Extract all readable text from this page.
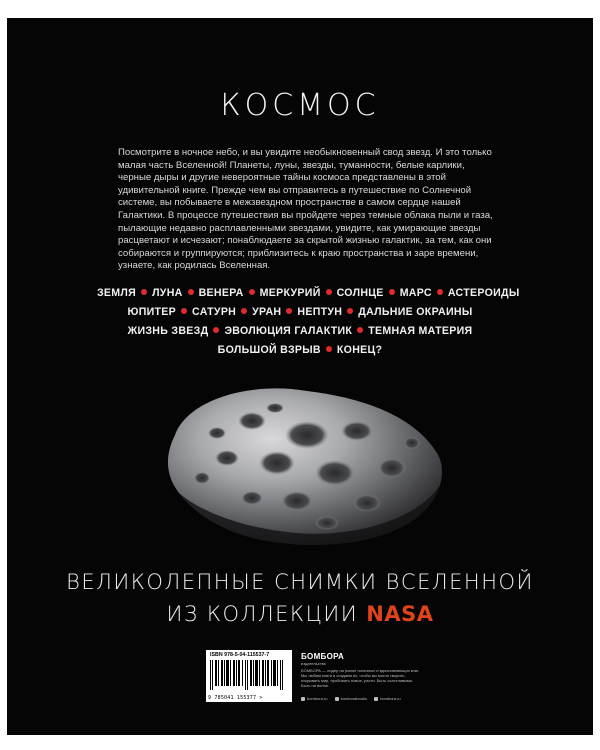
КОСМОС
Посмотрите в ночное небо, и вы увидите необыкновенный свод звезд. И это только малая часть Вселенной! Планеты, луны, звезды, туманности, белые карлики, черные дыры и другие невероятные тайны космоса представлены в этой удивительной книге. Прежде чем вы отправитесь в путешествие по Солнечной системе, вы побываете в межзвездном пространстве в самом сердце нашей Галактики. В процессе путешествия вы пройдете через темные облака пыли и газа, пылающие недавно расплавленными звездами, увидите, как умирающие звезды расцветают и исчезают; понаблюдаете за скрытой жизнью галактик, за тем, как они собираются и группируются; приблизитесь к краю пространства и заре времени, узнаете, как родилась Вселенная.
ЗЕМЛЯ ЛУНА ВЕНЕРА МЕРКУРИЙ СОЛНЦЕ МАРС АСТЕРОИДЫ
ЮПИТЕР САТУРН УРАН НЕПТУН ДАЛЬНИЕ ОКРАИНЫ
ЖИЗНЬ ЗВЕЗД ЭВОЛЮЦИЯ ГАЛАКТИК ТЕМНАЯ МАТЕРИЯ
БОЛЬШОЙ ВЗРЫВ КОНЕЦ?
ВЕЛИКОЛЕПНЫЕ СНИМКИ ВСЕЛЕННОЙ
ИЗ КОЛЛЕКЦИИ NASA
ISBN 978-5-04-115537-7
9 785041 155377 >
БОМБОРА
издательство
БОМБОРА — лидер на рынке полезных и вдохновляющих книг. Мы любим книги и создаем их, чтобы вы могли творить, открывать мир, пробовать новое, расти. Быть счастливыми. Быть на волне.
bombora.ru	bomborabooks	bombora.ru
